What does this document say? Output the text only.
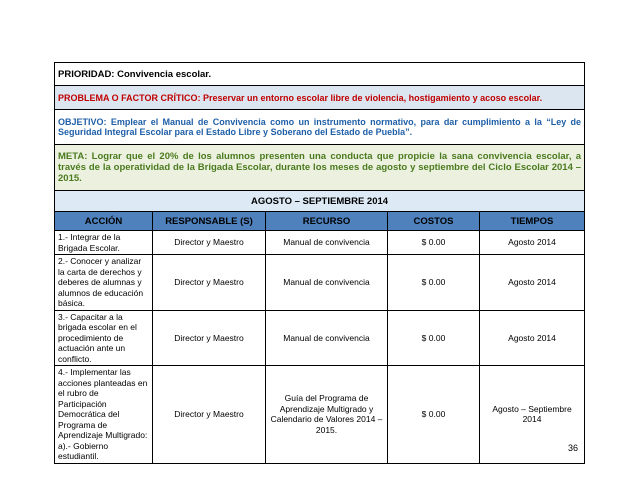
PRIORIDAD: Convivencia escolar.				
PROBLEMA O FACTOR CRÍTICO: Preservar un entorno escolar libre de violencia, hostigamiento y acoso escolar.				
OBJETIVO: Emplear el Manual de Convivencia como un instrumento normativo, para dar cumplimiento a la “Ley de Seguridad Integral Escolar para el Estado Libre y Soberano del Estado de Puebla”.				
META: Lograr que el 20% de los alumnos presenten una conducta que propicie la sana convivencia escolar, a través de la operatividad de la Brigada Escolar, durante los meses de agosto y septiembre del Ciclo Escolar 2014 – 2015.				
AGOSTO – SEPTIEMBRE 2014				
ACCIÓN	RESPONSABLE (S)	RECURSO	COSTOS	TIEMPOS
1.- Integrar de la Brigada Escolar.	Director y Maestro	Manual de convivencia	$ 0.00	Agosto 2014
2.- Conocer y analizar la carta de derechos y deberes de alumnas y alumnos de educación básica.	Director y Maestro	Manual de convivencia	$ 0.00	Agosto 2014
3.- Capacitar a la brigada escolar en el procedimiento de actuación ante un conflicto.	Director y Maestro	Manual de convivencia	$ 0.00	Agosto 2014
4.- Implementar las acciones planteadas en el rubro de Participación Democrática del Programa de Aprendizaje Multigrado: a).- Gobierno estudiantil.	Director y Maestro	Guía del Programa de Aprendizaje Multigrado y Calendario de Valores 2014 – 2015.	$ 0.00	Agosto – Septiembre 2014
36
